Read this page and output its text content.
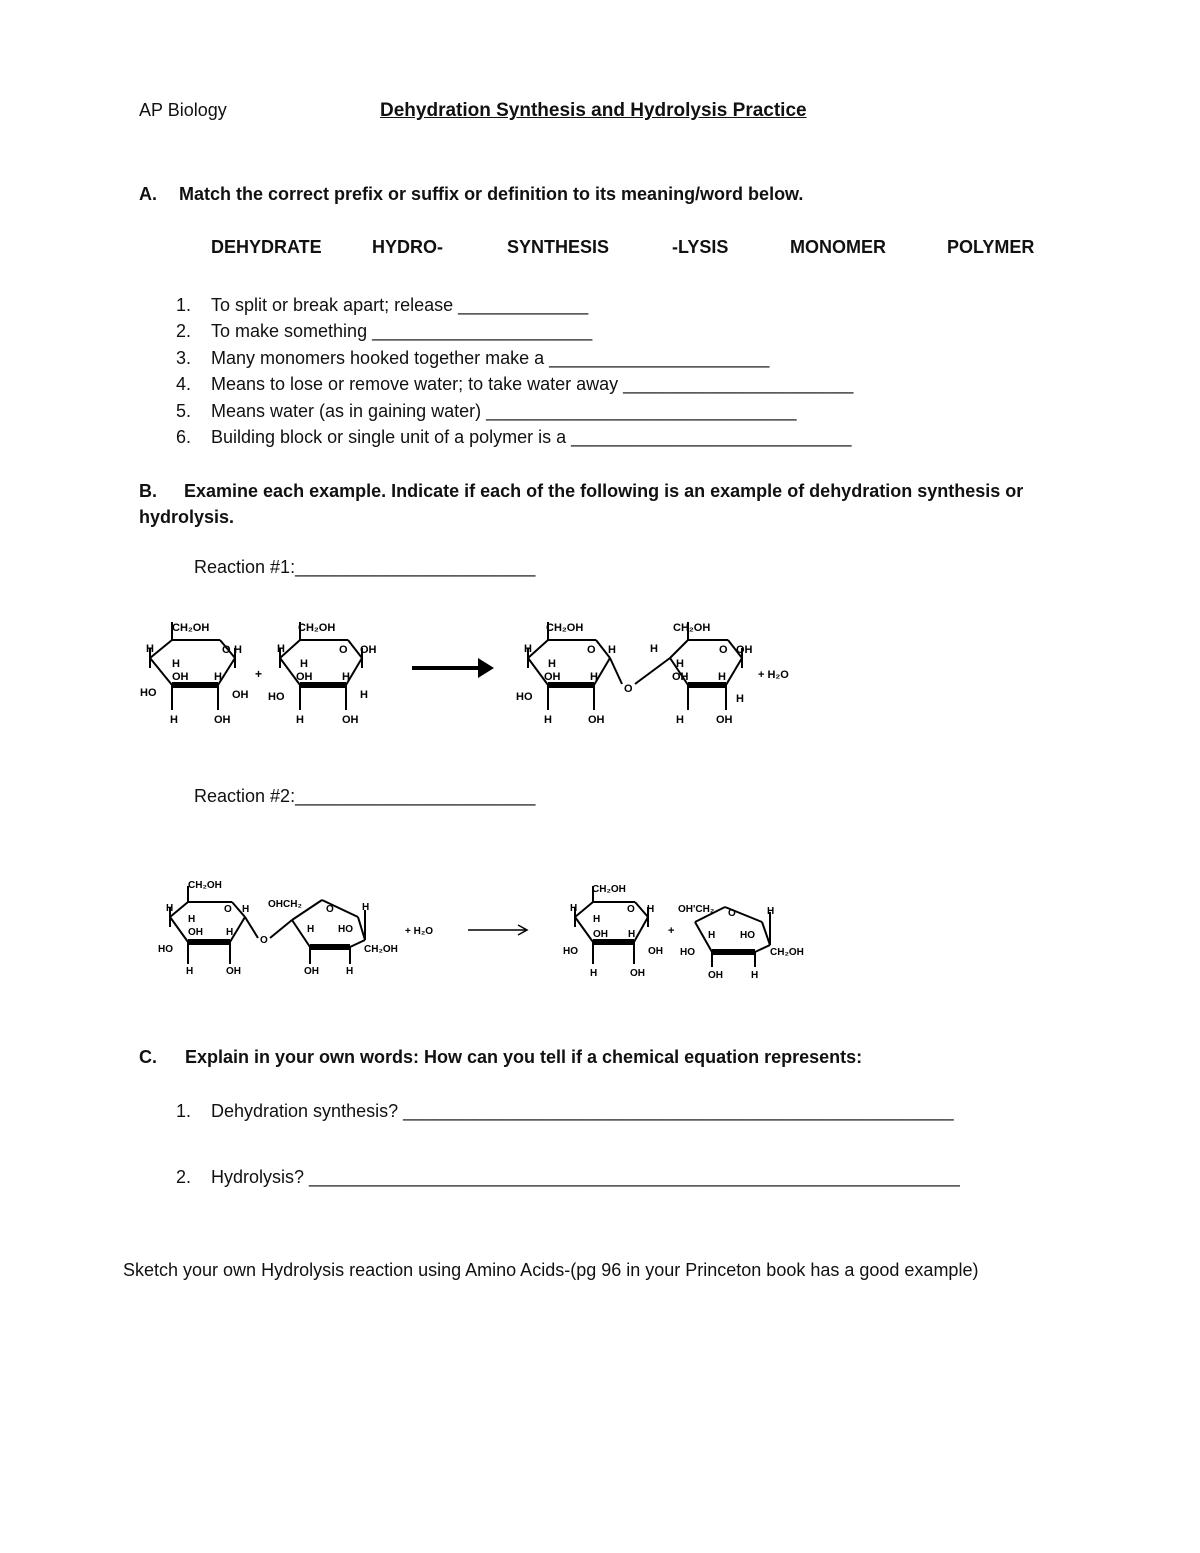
AP Biology	Dehydration Synthesis and Hydrolysis Practice
A. Match the correct prefix or suffix or definition to its meaning/word below.
DEHYDRATE	HYDRO-	SYNTHESIS	-LYSIS	MONOMER	POLYMER
1.	To split or break apart; release _____________
2.	To make something ______________________
3.	Many monomers hooked together make a ______________________
4.	Means to lose or remove water; to take water away _______________________
5.	Means water (as in gaining water) _______________________________
6.	Building block or single unit of a polymer is a ____________________________
B. Examine each example. Indicate if each of the following is an example of dehydration synthesis or
hydrolysis.
Reaction #1:________________________
CH₂OH
H
H
O H
OH H
HO	OH
H	OH
+
CH₂OH
H
H
O OH
OH	H
HO	H
H	OH
CH₂OH
H
H
O H
OH	H
HO
O
H	OH
CH₂OH
H
H
O OH
OH	H
H
H	OH
+ H₂O
Reaction #2:________________________
CH₂OH
H
H
O H
OH H
HO
H	OH
O
OHCH₂ O	H
H HO
CH₂OH
OH	H
+ H₂O
CH₂OH
H
H
O H
OH H
HO	OH
H	OH
+
OH'CH₂ O	H
H HO
HO	CH₂OH
OH	H
C. Explain in your own words: How can you tell if a chemical equation represents:
1.	Dehydration synthesis? _______________________________________________________
2.	Hydrolysis? _________________________________________________________________
Sketch your own Hydrolysis reaction using Amino Acids-(pg 96 in your Princeton book has a good example)
